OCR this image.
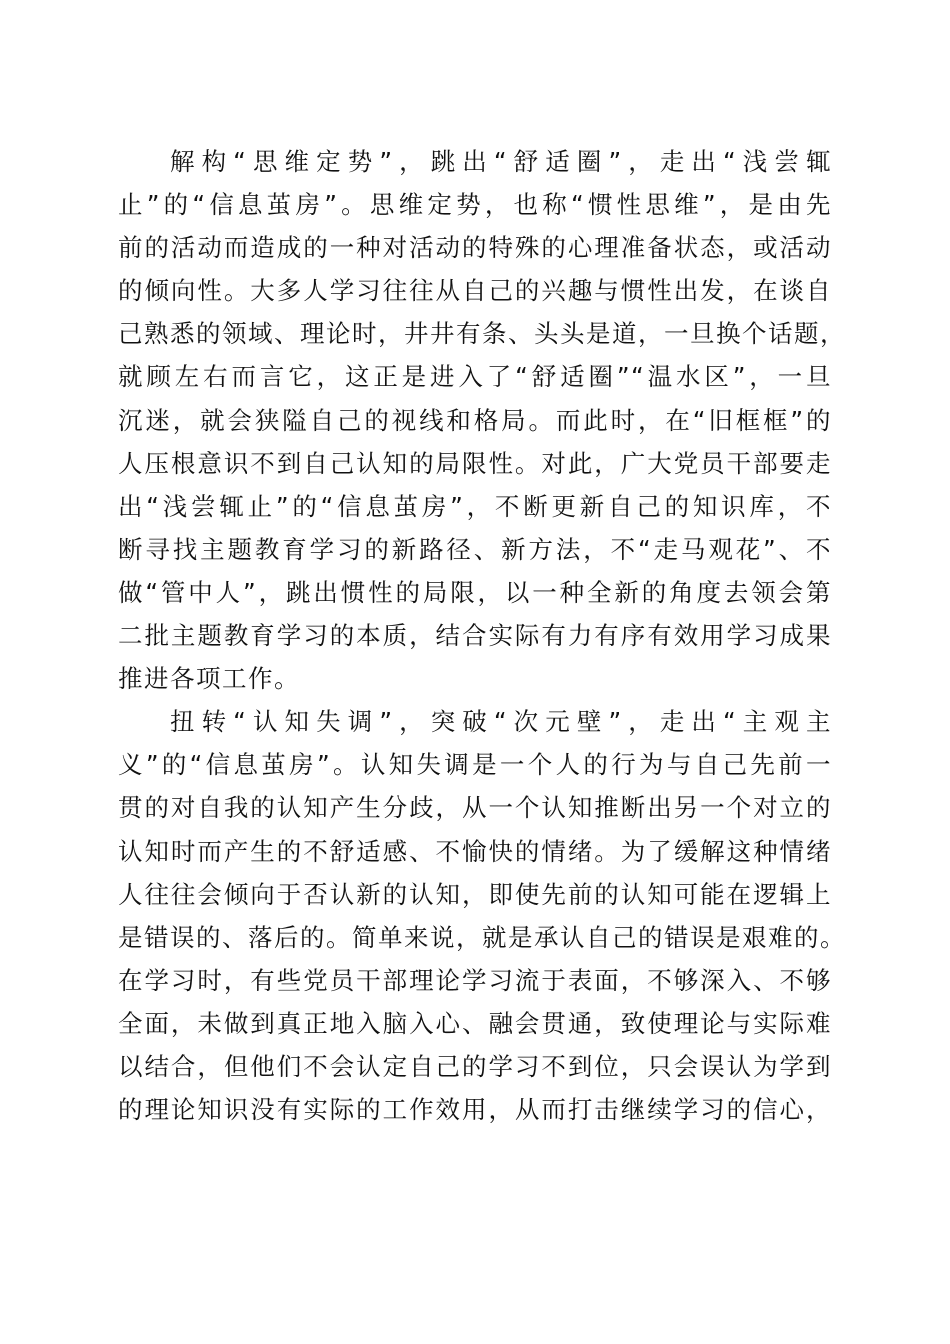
解构“思维定势”，跳出“舒适圈”，走出“浅尝辄
止”的“信息茧房”。思维定势，也称“惯性思维”，是由先
前的活动而造成的一种对活动的特殊的心理准备状态，或活动
的倾向性。大多人学习往往从自己的兴趣与惯性出发，在谈自
己熟悉的领域、理论时，井井有条、头头是道，一旦换个话题，
就顾左右而言它，这正是进入了“舒适圈”“温水区”，一旦
沉迷，就会狭隘自己的视线和格局。而此时，在“旧框框”的
人压根意识不到自己认知的局限性。对此，广大党员干部要走
出“浅尝辄止”的“信息茧房”，不断更新自己的知识库，不
断寻找主题教育学习的新路径、新方法，不“走马观花”、不
做“管中人”，跳出惯性的局限，以一种全新的角度去领会第
二批主题教育学习的本质，结合实际有力有序有效用学习成果
推进各项工作。
扭转“认知失调”，突破“次元壁”，走出“主观主
义”的“信息茧房”。认知失调是一个人的行为与自己先前一
贯的对自我的认知产生分歧，从一个认知推断出另一个对立的
认知时而产生的不舒适感、不愉快的情绪。为了缓解这种情绪
人往往会倾向于否认新的认知，即使先前的认知可能在逻辑上
是错误的、落后的。简单来说，就是承认自己的错误是艰难的。
在学习时，有些党员干部理论学习流于表面，不够深入、不够
全面，未做到真正地入脑入心、融会贯通，致使理论与实际难
以结合，但他们不会认定自己的学习不到位，只会误认为学到
的理论知识没有实际的工作效用，从而打击继续学习的信心，
